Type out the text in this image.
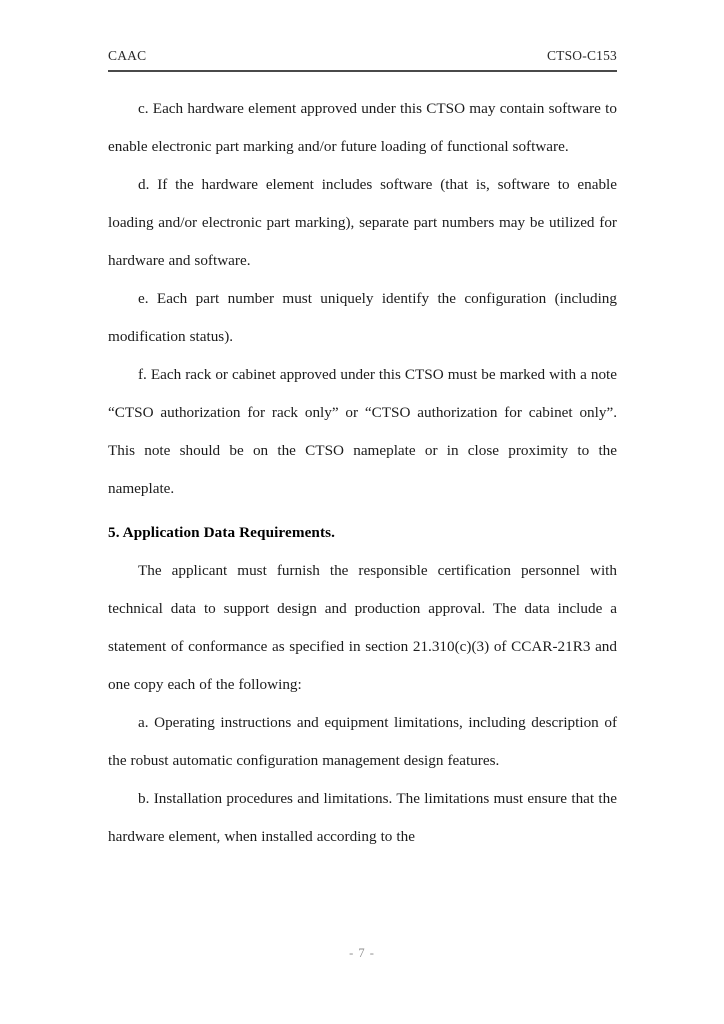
CAAC	CTSO-C153

c. Each hardware element approved under this CTSO may contain software to enable electronic part marking and/or future loading of functional software.

d. If the hardware element includes software (that is, software to enable loading and/or electronic part marking), separate part numbers may be utilized for hardware and software.

e. Each part number must uniquely identify the configuration (including modification status).

f. Each rack or cabinet approved under this CTSO must be marked with a note “CTSO authorization for rack only” or “CTSO authorization for cabinet only”. This note should be on the CTSO nameplate or in close proximity to the nameplate.

5. Application Data Requirements.

The applicant must furnish the responsible certification personnel with technical data to support design and production approval. The data include a statement of conformance as specified in section 21.310(c)(3) of CCAR-21R3 and one copy each of the following:

a. Operating instructions and equipment limitations, including description of the robust automatic configuration management design features.

b. Installation procedures and limitations. The limitations must ensure that the hardware element, when installed according to the

- 7 -
